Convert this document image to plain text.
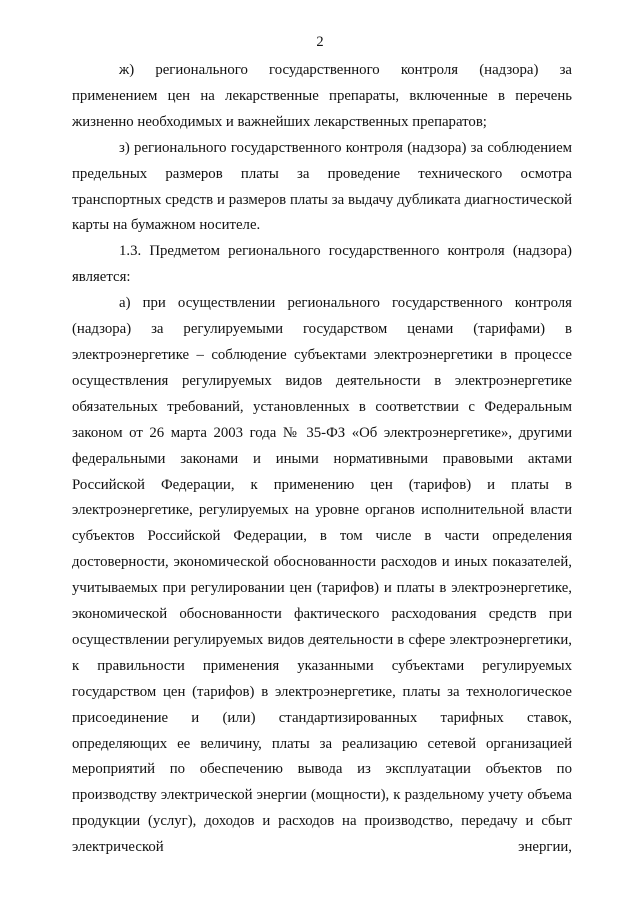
2

ж) регионального государственного контроля (надзора) за применением цен на лекарственные препараты, включенные в перечень жизненно необходимых и важнейших лекарственных препаратов;

з) регионального государственного контроля (надзора) за соблюдением предельных размеров платы за проведение технического осмотра транспортных средств и размеров платы за выдачу дубликата диагностической карты на бумажном носителе.

1.3. Предметом регионального государственного контроля (надзора) является:

а) при осуществлении регионального государственного контроля (надзора) за регулируемыми государством ценами (тарифами) в электроэнергетике – соблюдение субъектами электроэнергетики в процессе осуществления регулируемых видов деятельности в электроэнергетике обязательных требований, установленных в соответствии с Федеральным законом от 26 марта 2003 года № 35-ФЗ «Об электроэнергетике», другими федеральными законами и иными нормативными правовыми актами Российской Федерации, к применению цен (тарифов) и платы в электроэнергетике, регулируемых на уровне органов исполнительной власти субъектов Российской Федерации, в том числе в части определения достоверности, экономической обоснованности расходов и иных показателей, учитываемых при регулировании цен (тарифов) и платы в электроэнергетике, экономической обоснованности фактического расходования средств при осуществлении регулируемых видов деятельности в сфере электроэнергетики, к правильности применения указанными субъектами регулируемых государством цен (тарифов) в электроэнергетике, платы за технологическое присоединение и (или) стандартизированных тарифных ставок, определяющих ее величину, платы за реализацию сетевой организацией мероприятий по обеспечению вывода из эксплуатации объектов по производству электрической энергии (мощности), к раздельному учету объема продукции (услуг), доходов и расходов на производство, передачу и сбыт электрической энергии,
